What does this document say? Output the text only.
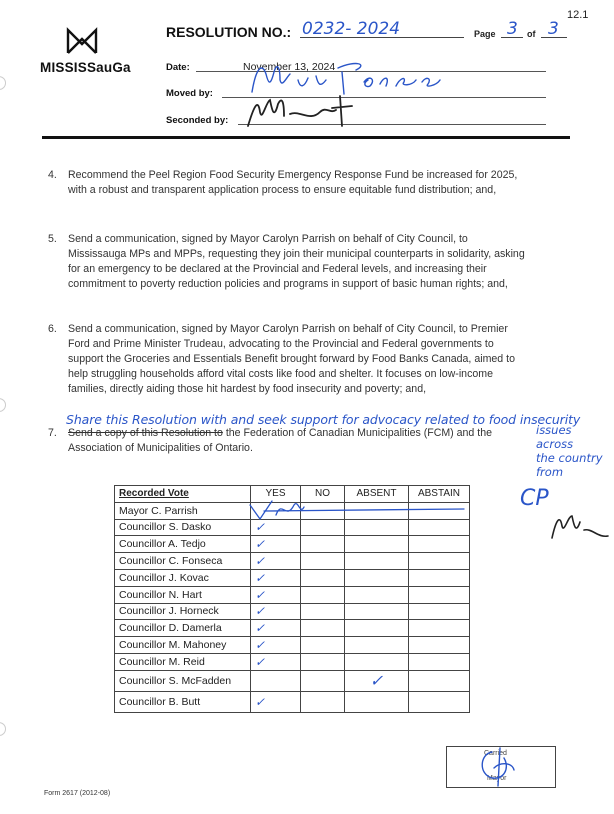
MISSISSauGa
RESOLUTION NO.: 0232- 2024	Page 3 of 3
12.1
Date:	November 13, 2024
Moved by:
Seconded by:
4. Recommend the Peel Region Food Security Emergency Response Fund be increased for 2025, with a robust and transparent application process to ensure equitable fund distribution; and,
5. Send a communication, signed by Mayor Carolyn Parrish on behalf of City Council, to Mississauga MPs and MPPs, requesting they join their municipal counterparts in solidarity, asking for an emergency to be declared at the Provincial and Federal levels, and increasing their commitment to poverty reduction policies and programs in support of basic human rights; and,
6. Send a communication, signed by Mayor Carolyn Parrish on behalf of City Council, to Premier Ford and Prime Minister Trudeau, advocating to the Provincial and Federal governments to support the Groceries and Essentials Benefit brought forward by Food Banks Canada, aimed to help struggling households afford vital costs like food and shelter. It focuses on low-income families, directly aiding those hit hardest by food insecurity and poverty; and,
Share this Resolution with and seek support for advocacy related to food insecurity
7. Send a copy of this Resolution to the Federation of Canadian Municipalities (FCM) and the
Association of Municipalities of Ontario.
issues
across
the country
from
CP
Recorded Vote	YES	NO	ABSENT	ABSTAIN
Mayor C. Parrish				
Councillor S. Dasko	✓			
Councillor A. Tedjo	✓			
Councillor C. Fonseca	✓			
Councillor J. Kovac	✓			
Councillor N. Hart	✓			
Councillor J. Horneck	✓			
Councillor D. Damerla	✓			
Councillor M. Mahoney	✓			
Councillor M. Reid	✓			
Councillor S. McFadden			✓	
Councillor B. Butt	✓			
Carried
Mayor
Form 2617 (2012-08)
